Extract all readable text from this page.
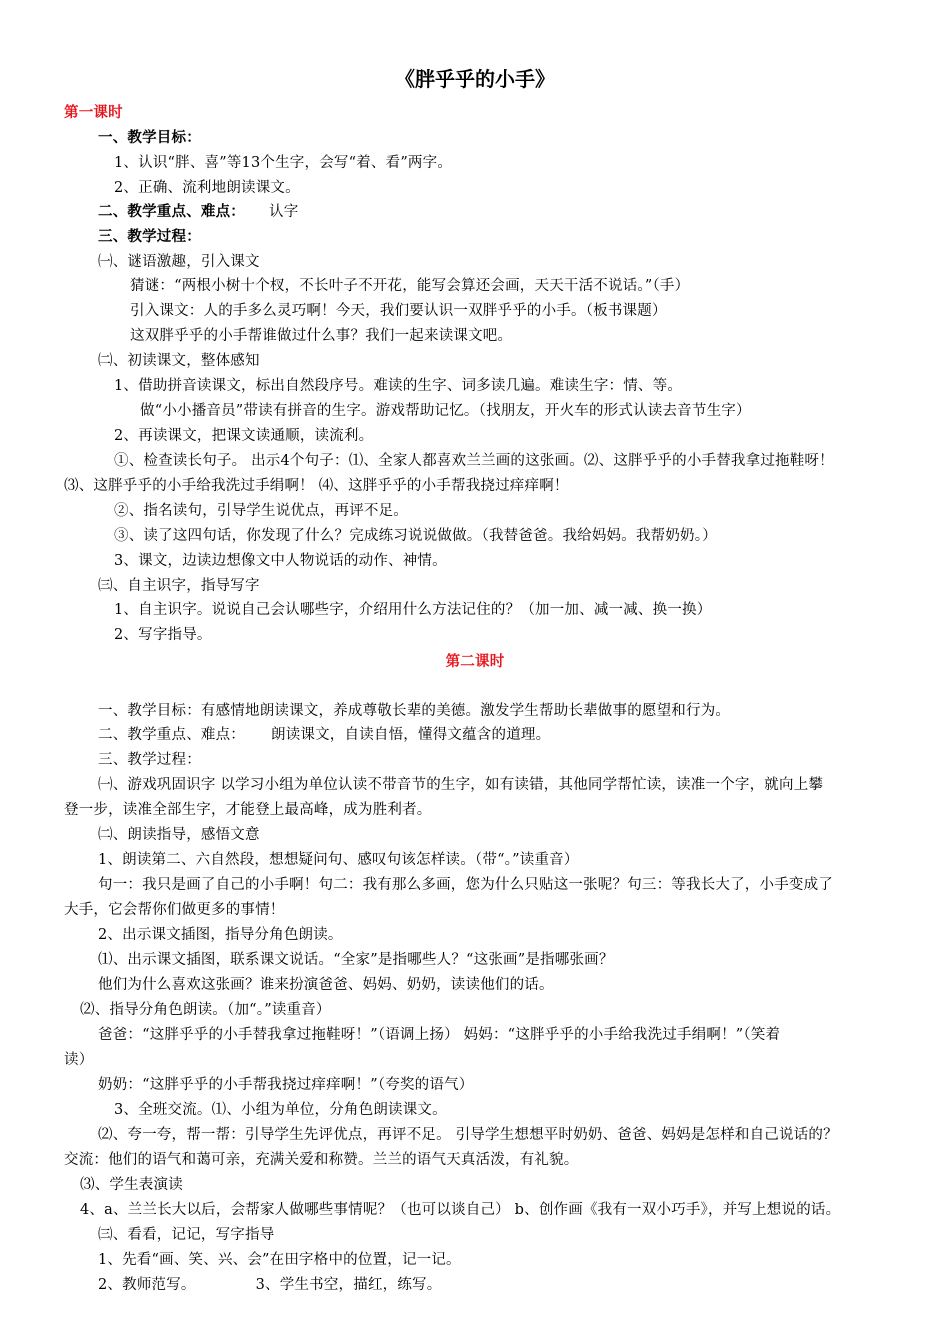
《胖乎乎的小手》
第一课时
一、教学目标：
1、认识“胖、喜”等13个生字，会写“着、看”两字。
2、正确、流利地朗读课文。
二、教学重点、难点： 认字
三、教学过程：
㈠、谜语激趣，引入课文
猜谜：“两根小树十个杈，不长叶子不开花，能写会算还会画，天天干活不说话。”（手）
引入课文：人的手多么灵巧啊！今天，我们要认识一双胖乎乎的小手。（板书课题）
这双胖乎乎的小手帮谁做过什么事？我们一起来读课文吧。
㈡、初读课文，整体感知
1、借助拼音读课文，标出自然段序号。难读的生字、词多读几遍。难读生字：情、等。
做“小小播音员”带读有拼音的生字。游戏帮助记忆。（找朋友，开火车的形式认读去音节生字）
2、再读课文，把课文读通顺，读流利。
①、检查读长句子。 出示4个句子：⑴、全家人都喜欢兰兰画的这张画。⑵、这胖乎乎的小手替我拿过拖鞋呀！
⑶、这胖乎乎的小手给我洗过手绢啊！ ⑷、这胖乎乎的小手帮我挠过痒痒啊！
②、指名读句，引导学生说优点，再评不足。
③、读了这四句话，你发现了什么？完成练习说说做做。（我替爸爸。我给妈妈。我帮奶奶。）
3、课文，边读边想像文中人物说话的动作、神情。
㈢、自主识字，指导写字
1、自主识字。说说自己会认哪些字，介绍用什么方法记住的？（加一加、减一减、换一换）
2、写字指导。
第二课时
一、教学目标：有感情地朗读课文，养成尊敬长辈的美德。激发学生帮助长辈做事的愿望和行为。
二、教学重点、难点： 朗读课文，自读自悟，懂得文蕴含的道理。
三、教学过程：
㈠、游戏巩固识字 以学习小组为单位认读不带音节的生字，如有读错，其他同学帮忙读，读准一个字，就向上攀
登一步，读准全部生字，才能登上最高峰，成为胜利者。
㈡、朗读指导，感悟文意
1、朗读第二、六自然段，想想疑问句、感叹句该怎样读。（带“。”读重音）
句一：我只是画了自己的小手啊！句二：我有那么多画，您为什么只贴这一张呢？句三：等我长大了，小手变成了
大手，它会帮你们做更多的事情！
2、出示课文插图，指导分角色朗读。
⑴、出示课文插图，联系课文说话。“全家”是指哪些人？“这张画”是指哪张画？
他们为什么喜欢这张画？谁来扮演爸爸、妈妈、奶奶，读读他们的话。
⑵、指导分角色朗读。（加“。”读重音）
爸爸：“这胖乎乎的小手替我拿过拖鞋呀！”（语调上扬） 妈妈：“这胖乎乎的小手给我洗过手绢啊！”（笑着
读）
奶奶：“这胖乎乎的小手帮我挠过痒痒啊！”（夸奖的语气）
3、全班交流。⑴、小组为单位，分角色朗读课文。
⑵、夸一夸，帮一帮：引导学生先评优点，再评不足。 引导学生想想平时奶奶、爸爸、妈妈是怎样和自己说话的？
交流：他们的语气和蔼可亲，充满关爱和称赞。兰兰的语气天真活泼，有礼貌。
⑶、学生表演读
4、a、兰兰长大以后，会帮家人做哪些事情呢？（也可以谈自己） b、创作画《我有一双小巧手》，并写上想说的话。
㈢、看看，记记，写字指导
1、先看“画、笑、兴、会”在田字格中的位置，记一记。
2、教师范写。	3、学生书空，描红，练写。
